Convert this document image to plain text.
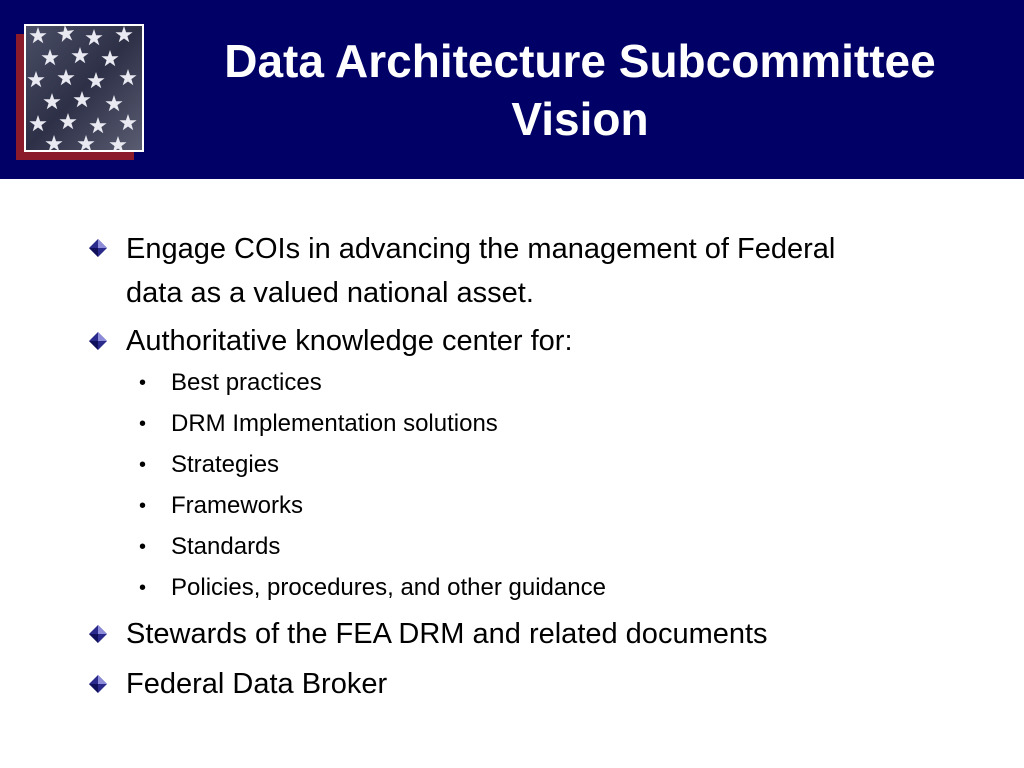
Data Architecture Subcommittee
Vision
Engage COIs in advancing the management of Federal
data as a valued national asset.
Authoritative knowledge center for:
• Best practices
• DRM Implementation solutions
• Strategies
• Frameworks
• Standards
• Policies, procedures, and other guidance
Stewards of the FEA DRM and related documents
Federal Data Broker
